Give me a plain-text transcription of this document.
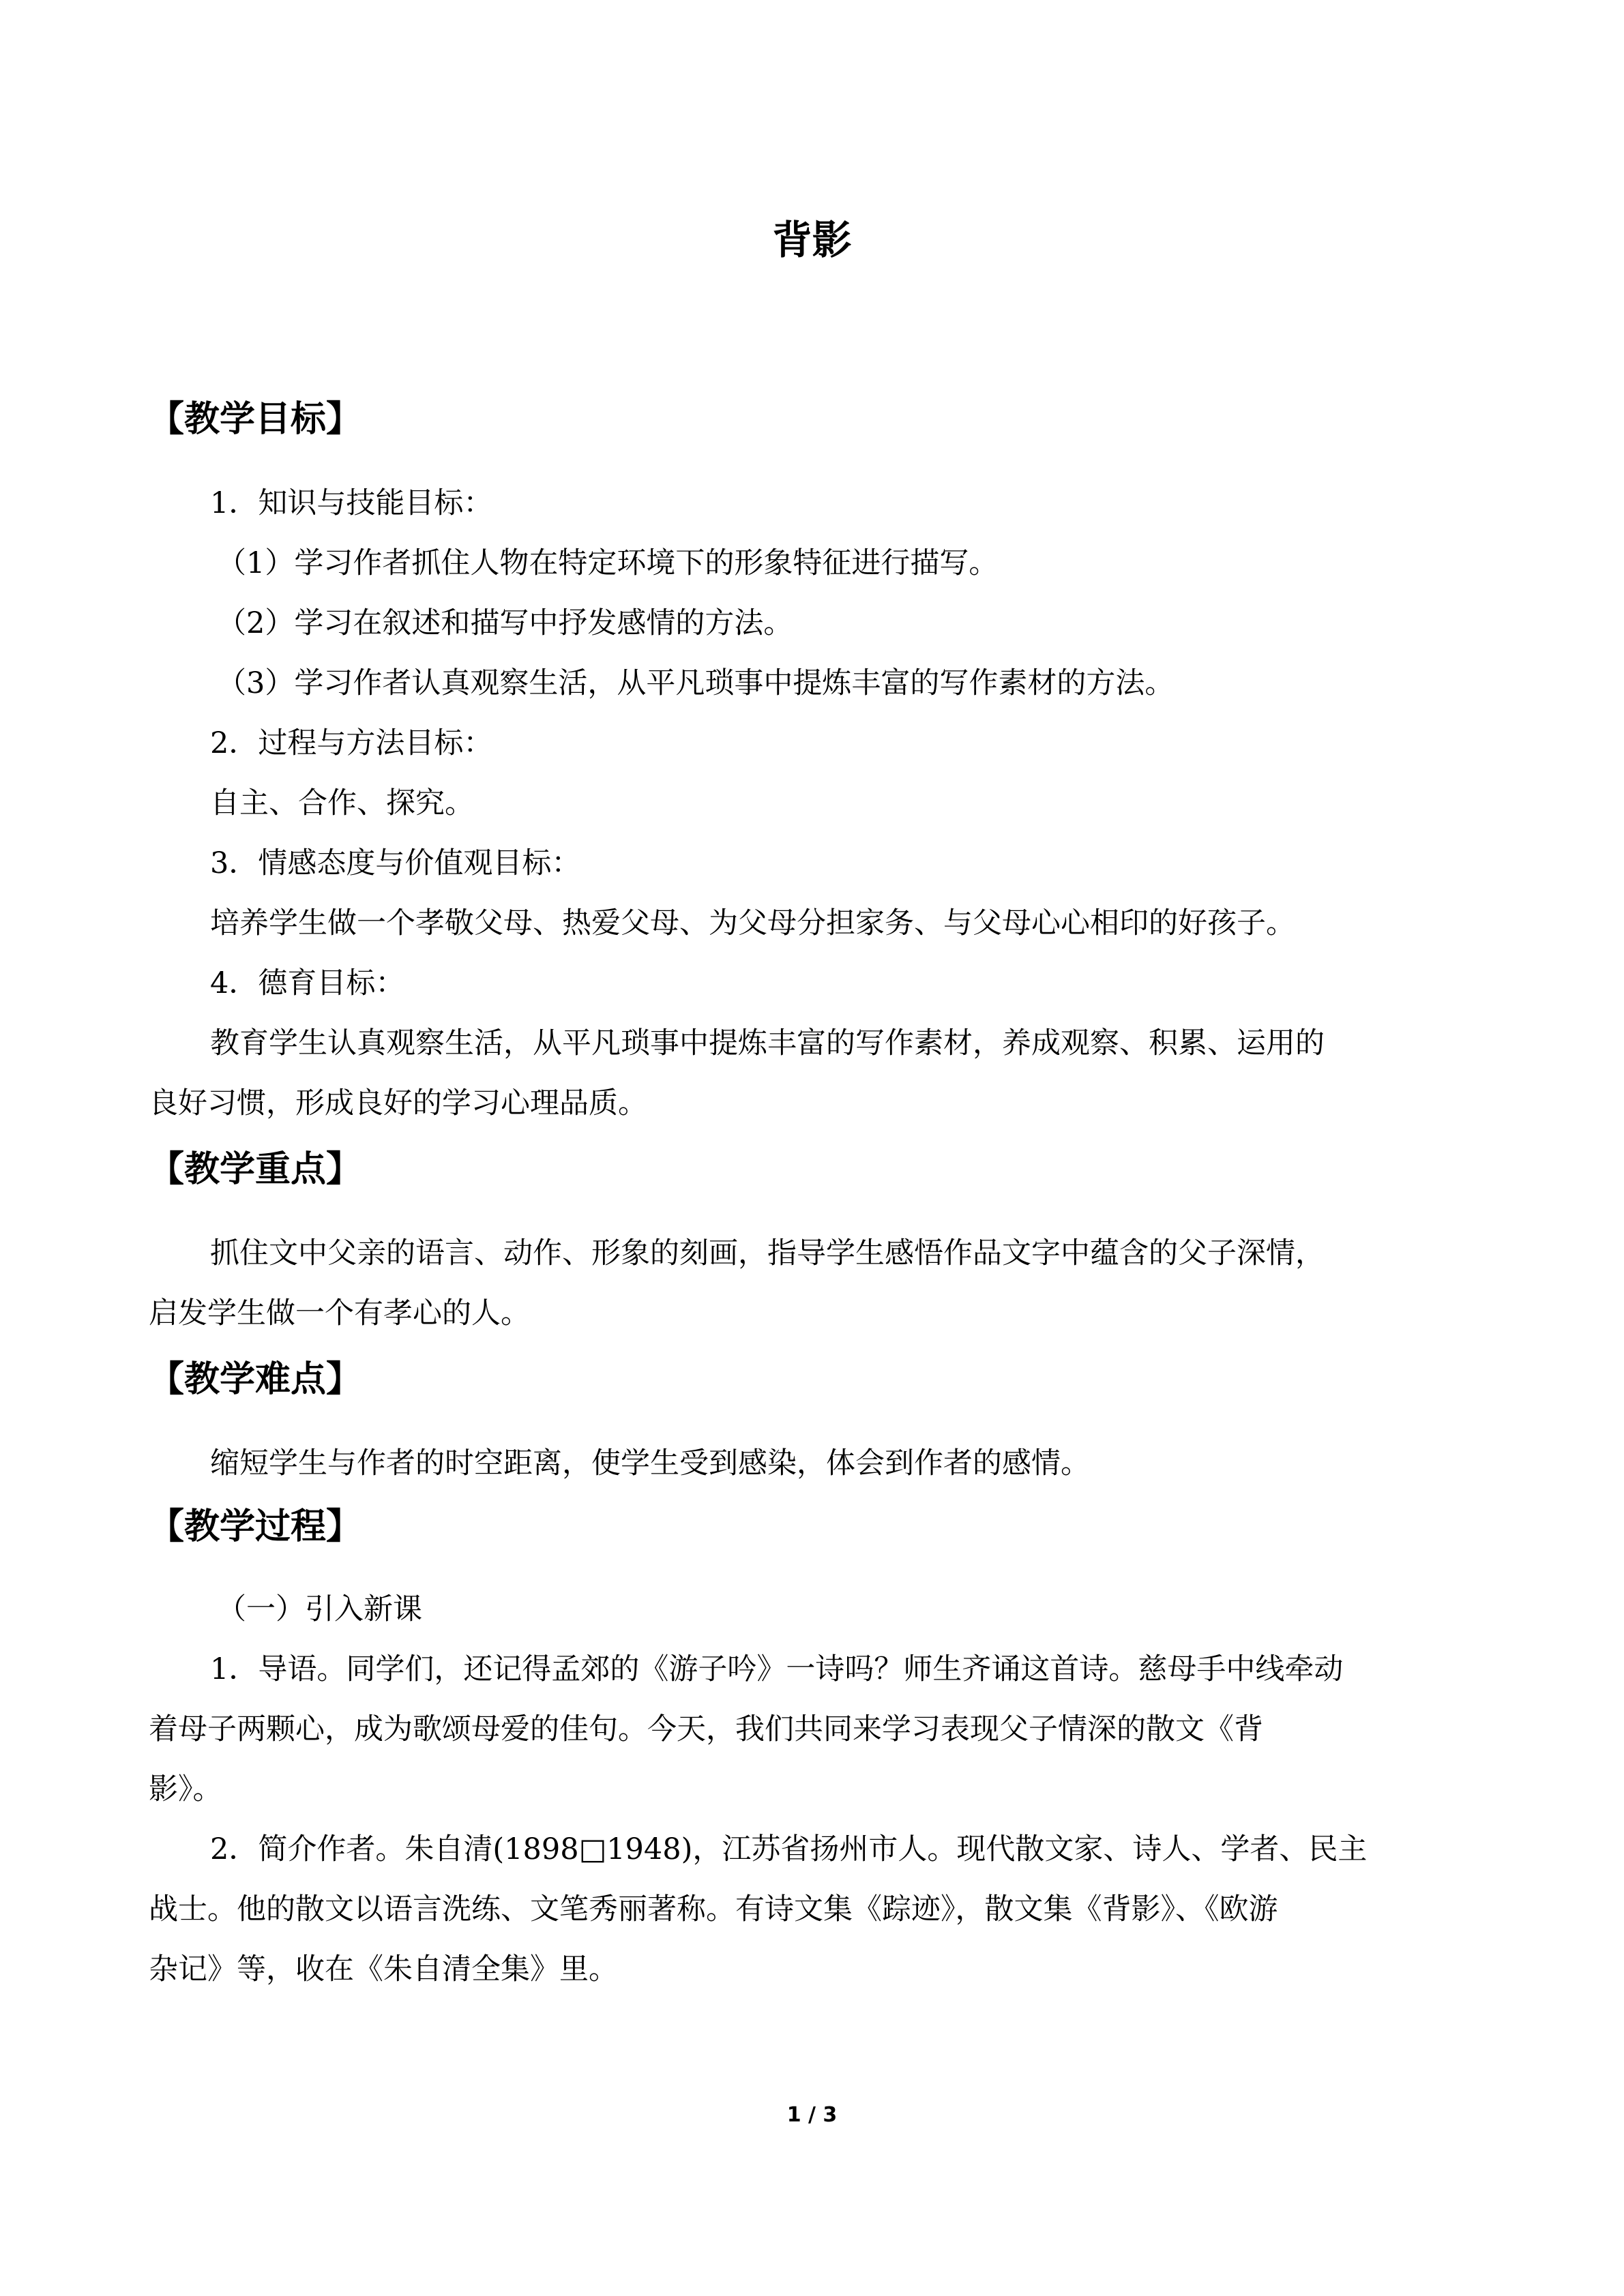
背影
【教学目标】

1．知识与技能目标：

（1）学习作者抓住人物在特定环境下的形象特征进行描写。

（2）学习在叙述和描写中抒发感情的方法。

（3）学习作者认真观察生活，从平凡琐事中提炼丰富的写作素材的方法。

2．过程与方法目标：

自主、合作、探究。

3．情感态度与价值观目标：

培养学生做一个孝敬父母、热爱父母、为父母分担家务、与父母心心相印的好孩子。

4．德育目标：

教育学生认真观察生活，从平凡琐事中提炼丰富的写作素材，养成观察、积累、运用的

良好习惯，形成良好的学习心理品质。

【教学重点】

抓住文中父亲的语言、动作、形象的刻画，指导学生感悟作品文字中蕴含的父子深情，

启发学生做一个有孝心的人。

【教学难点】

缩短学生与作者的时空距离，使学生受到感染，体会到作者的感情。

【教学过程】

（一）引入新课

1．导语。同学们，还记得孟郊的《游子吟》一诗吗？师生齐诵这首诗。慈母手中线牵动

着母子两颗心，成为歌颂母爱的佳句。今天，我们共同来学习表现父子情深的散文《背

影》。

2．简介作者。朱自清(1898□1948)，江苏省扬州市人。现代散文家、诗人、学者、民主

战士。他的散文以语言洗练、文笔秀丽著称。有诗文集《踪迹》，散文集《背影》、《欧游

杂记》等，收在《朱自清全集》里。

1 / 3
